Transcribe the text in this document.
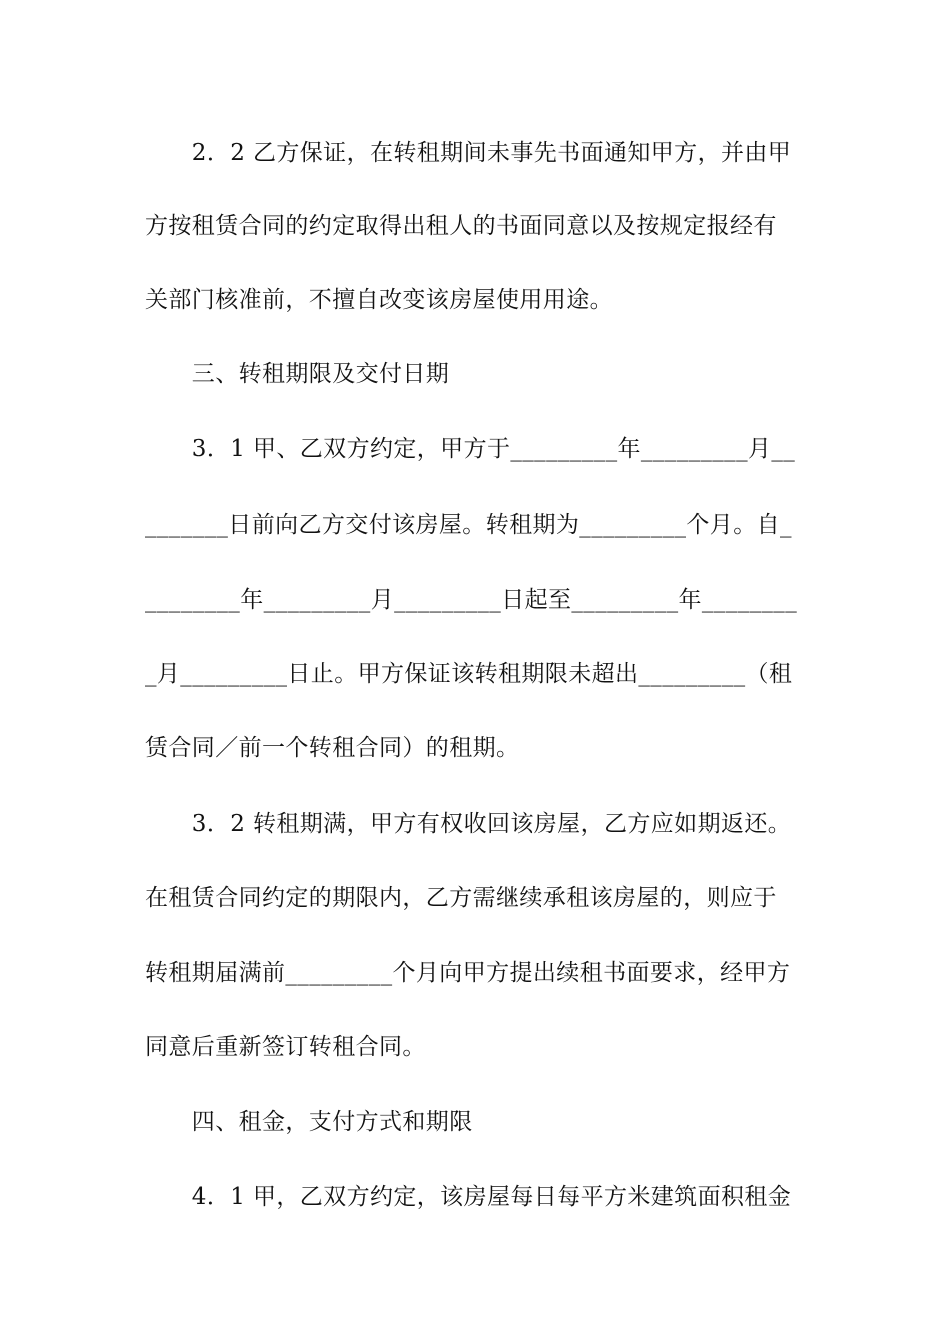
　　2．2 乙方保证，在转租期间未事先书面通知甲方，并由甲
方按租赁合同的约定取得出租人的书面同意以及按规定报经有
关部门核准前，不擅自改变该房屋使用用途。
　　三、转租期限及交付日期
　　3．1 甲、乙双方约定，甲方于_________年_________月__
_______日前向乙方交付该房屋。转租期为_________个月。自_
________年_________月_________日起至_________年________
_月_________日止。甲方保证该转租期限未超出_________（租
赁合同／前一个转租合同）的租期。
　　3．2 转租期满，甲方有权收回该房屋，乙方应如期返还。
在租赁合同约定的期限内，乙方需继续承租该房屋的，则应于
转租期届满前_________个月向甲方提出续租书面要求，经甲方
同意后重新签订转租合同。
　　四、租金，支付方式和期限
　　4．1 甲，乙双方约定，该房屋每日每平方米建筑面积租金
